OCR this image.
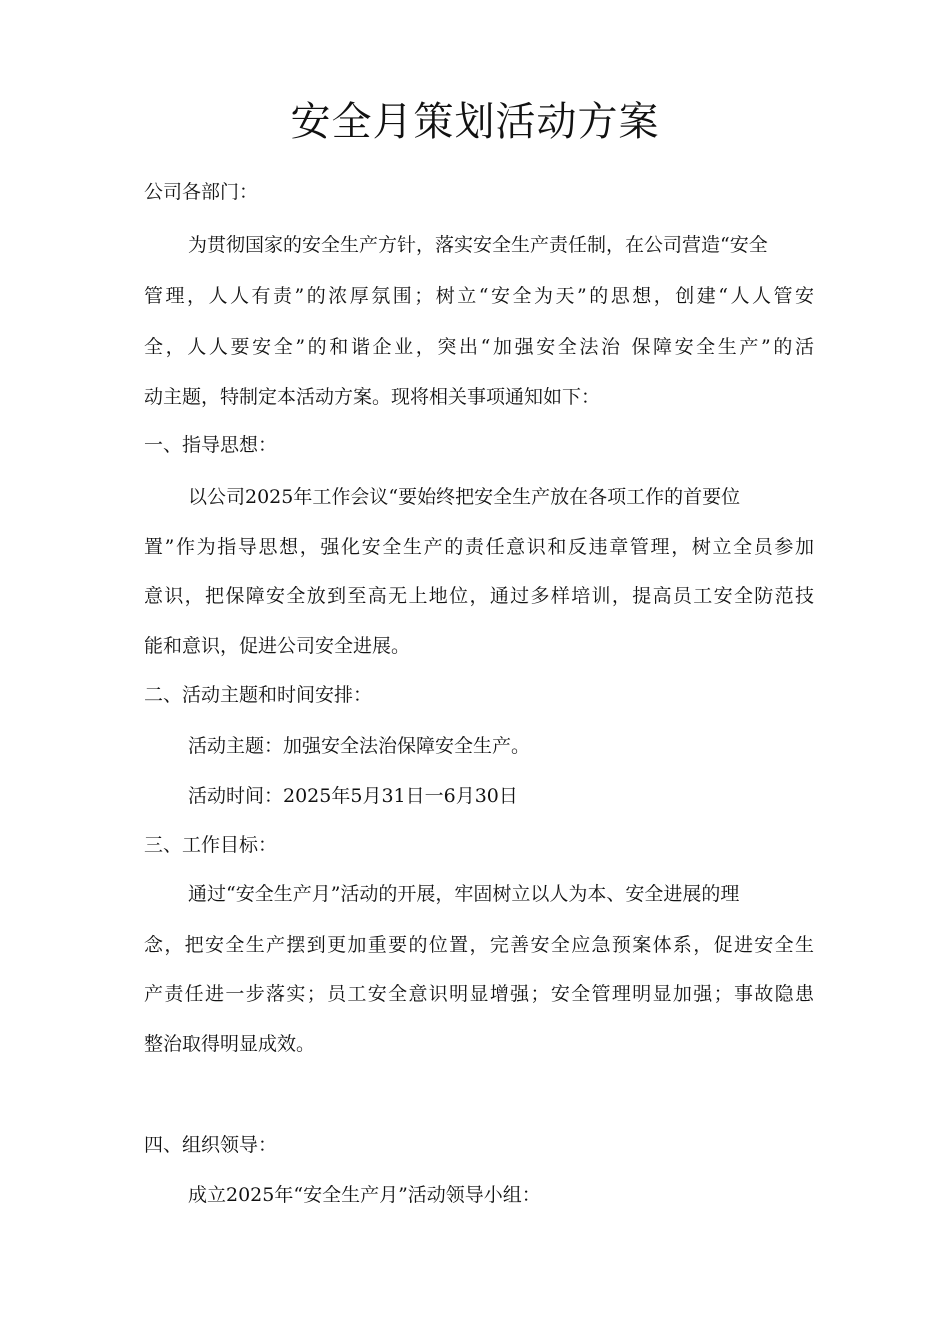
安全月策划活动方案
公司各部门：
为贯彻国家的安全生产方针，落实安全生产责任制，在公司营造“安全
管理，人人有责”的浓厚氛围；树立“安全为天”的思想，创建“人人管安
全，人人要安全”的和谐企业，突出“加强安全法治 保障安全生产”的活
动主题，特制定本活动方案。现将相关事项通知如下：
一、指导思想：
以公司2025年工作会议“要始终把安全生产放在各项工作的首要位
置”作为指导思想，强化安全生产的责任意识和反违章管理，树立全员参加
意识，把保障安全放到至高无上地位，通过多样培训，提高员工安全防范技
能和意识，促进公司安全进展。
二、活动主题和时间安排：
活动主题：加强安全法治保障安全生产。
活动时间：2025年5月31日一6月30日
三、工作目标：
通过“安全生产月”活动的开展，牢固树立以人为本、安全进展的理
念，把安全生产摆到更加重要的位置，完善安全应急预案体系，促进安全生
产责任进一步落实；员工安全意识明显增强；安全管理明显加强；事故隐患
整治取得明显成效。
四、组织领导：
成立2025年“安全生产月”活动领导小组：
